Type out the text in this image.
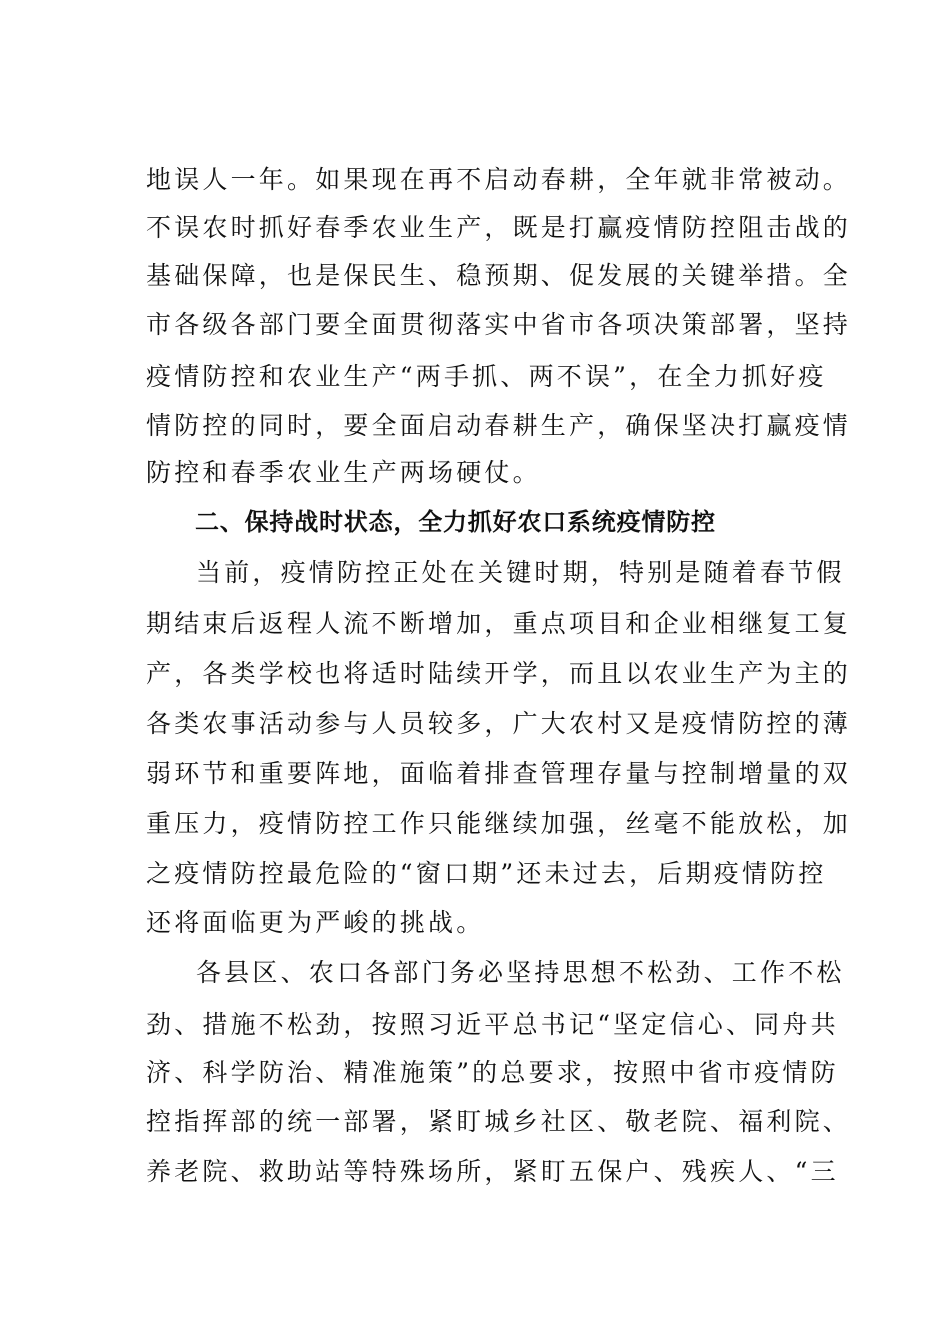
地误人一年。如果现在再不启动春耕，全年就非常被动。
不误农时抓好春季农业生产，既是打赢疫情防控阻击战的
基础保障，也是保民生、稳预期、促发展的关键举措。全
市各级各部门要全面贯彻落实中省市各项决策部署，坚持
疫情防控和农业生产“两手抓、两不误”，在全力抓好疫
情防控的同时，要全面启动春耕生产，确保坚决打赢疫情
防控和春季农业生产两场硬仗。
二、保持战时状态，全力抓好农口系统疫情防控
当前，疫情防控正处在关键时期，特别是随着春节假
期结束后返程人流不断增加，重点项目和企业相继复工复
产，各类学校也将适时陆续开学，而且以农业生产为主的
各类农事活动参与人员较多，广大农村又是疫情防控的薄
弱环节和重要阵地，面临着排查管理存量与控制增量的双
重压力，疫情防控工作只能继续加强，丝毫不能放松，加
之疫情防控最危险的“窗口期”还未过去，后期疫情防控
还将面临更为严峻的挑战。
各县区、农口各部门务必坚持思想不松劲、工作不松
劲、措施不松劲，按照习近平总书记“坚定信心、同舟共
济、科学防治、精准施策”的总要求，按照中省市疫情防
控指挥部的统一部署，紧盯城乡社区、敬老院、福利院、
养老院、救助站等特殊场所，紧盯五保户、残疾人、“三
